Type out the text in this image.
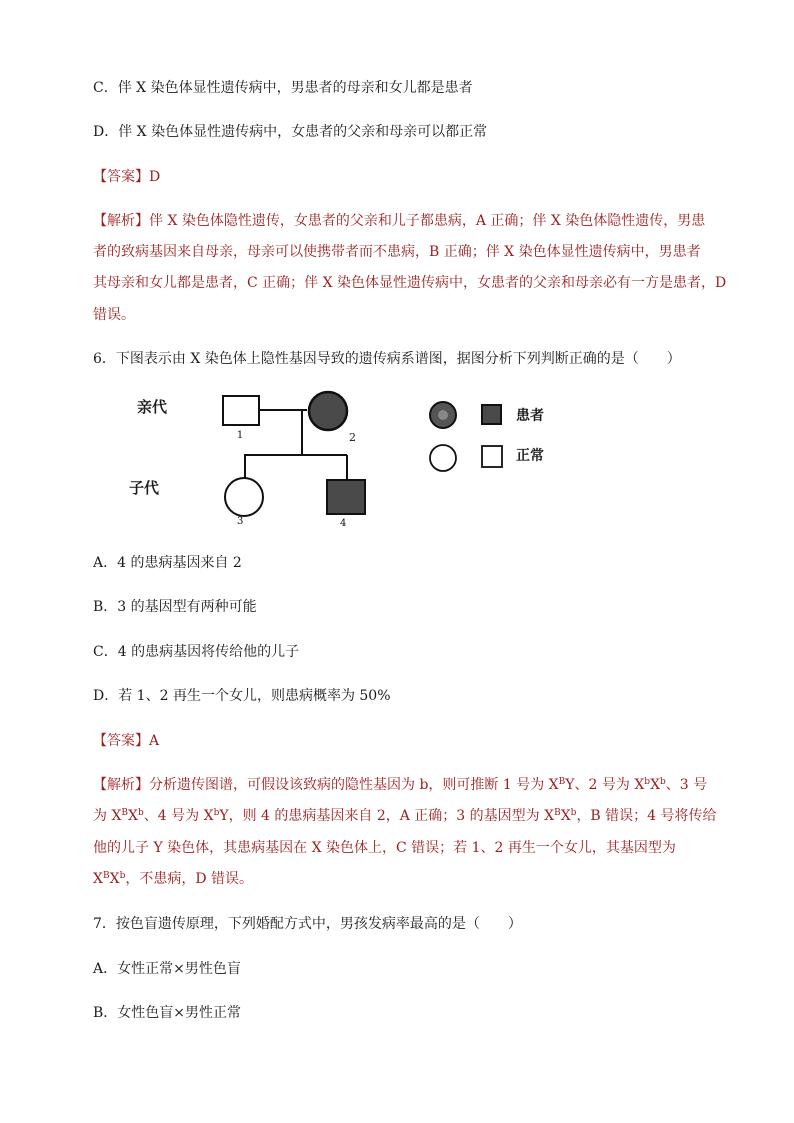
C．伴 X 染色体显性遗传病中，男患者的母亲和女儿都是患者
D．伴 X 染色体显性遗传病中，女患者的父亲和母亲可以都正常
【答案】D
【解析】伴 X 染色体隐性遗传，女患者的父亲和儿子都患病，A 正确；伴 X 染色体隐性遗传，男患
者的致病基因来自母亲，母亲可以使携带者而不患病，B 正确；伴 X 染色体显性遗传病中，男患者
其母亲和女儿都是患者，C 正确；伴 X 染色体显性遗传病中，女患者的父亲和母亲必有一方是患者，D
错误。
6．下图表示由 X 染色体上隐性基因导致的遗传病系谱图，据图分析下列判断正确的是（　　）
亲代
子代
1	2
3	4
患者
正常
A．4 的患病基因来自 2
B．3 的基因型有两种可能
C．4 的患病基因将传给他的儿子
D．若 1、2 再生一个女儿，则患病概率为 50%
【答案】A
【解析】分析遗传图谱，可假设该致病的隐性基因为 b，则可推断 1 号为 $X^BY$、2 号为 $X^bX^b$、3 号
为 $X^BX^b$、4 号为 $X^bY$，则 4 的患病基因来自 2，A 正确；3 的基因型为 $X^BX^b$，B 错误；4 号将传给
他的儿子 Y 染色体，其患病基因在 X 染色体上，C 错误；若 1、2 再生一个女儿，其基因型为
$X^BX^b$，不患病，D 错误。
7．按色盲遗传原理，下列婚配方式中，男孩发病率最高的是（　　）
A．女性正常×男性色盲
B．女性色盲×男性正常
